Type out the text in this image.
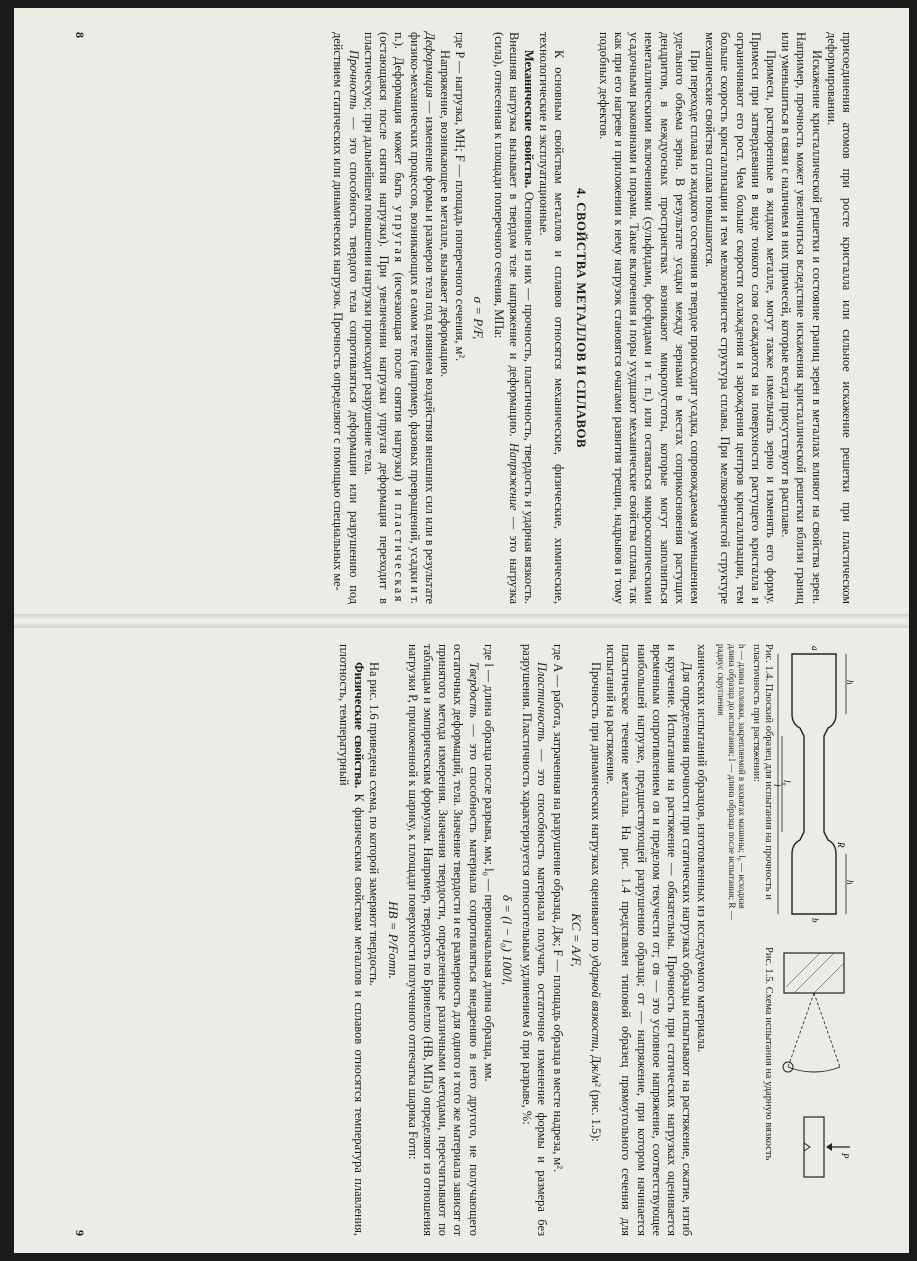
присоединения атомов при росте кристалла или сильное искажение решетки при пластическом деформировании.

Искажение кристаллической решетки и состояние границ зерен в металлах влияют на свойства зерен. Например, прочность может увеличиться вследствие искажения кристаллической решетки вблизи границ или уменьшиться в связи с наличием в них примесей, которые всегда присутствуют в расплаве.

Примеси, растворенные в жидком металле, могут также измельчать зерно и изменять его форму. Примеси при затвердевании в виде тонкого слоя осаждаются на поверхности растущего кристалла и ограничивают его рост. Чем больше скорости охлаждения и зарождения центров кристаллизации, тем больше скорость кристаллизации и тем мелкозернистее структура сплава. При мелкозернистой структуре механические свойства сплава повышаются.

При переходе сплава из жидкого состояния в твердое происходит усадка, сопровождаемая уменьшением удельного объема зерна. В результате усадки между зернами в местах соприкосновения растущих дендритов, в междуосных пространствах возникают микропустоты, которые могут заполниться неметаллическими включениями (сульфидами, фосфидами и т. п.) или оставаться микроскопическими усадочными раковинами и порами. Такие включения и поры ухудшают механические свойства сплава, так как при его нагреве и приложении к нему нагрузок становятся очагами развития трещин, надрывов и тому подобных дефектов.

4. СВОЙСТВА МЕТАЛЛОВ И СПЛАВОВ

К основным свойствам металлов и сплавов относятся механические, физические, химические, технологические и эксплуатационные.

Механические свойства. Основные из них — прочность, пластичность, твердость и ударная вязкость. Внешняя нагрузка вызывает в твердом теле напряжение и деформацию. Напряжение — это нагрузка (сила), отнесенная к площади поперечного сечения, МПа:

σ = P/F,

где P — нагрузка, МН; F — площадь поперечного сечения, м².

Напряжение, возникающее в металле, вызывает деформацию.

Деформация — изменение формы и размеров тела под влиянием воздействия внешних сил или в результате физико-механических процессов, возникающих в самом теле (например, фазовых превращений, усадки и т. п.). Деформация может быть упругая (исчезающая после снятия нагрузки) и пластическая (остающаяся после снятия нагрузки). При увеличении нагрузки упругая деформация переходит в пластическую; при дальнейшем повышении нагрузки происходит разрушение тела.

Прочность — это способность твердого тела сопротивляться деформации или разрушению под действием статических или динамических нагрузок. Прочность определяют с помощью специальных ме-

8
h
h
l₀
l
a
b
R

Рис. 1.4. Плоский образец для испытания на прочность и пластичность при растяжении:
h — длина головки, закрепляемой в захватах машины; l₀ — исходная длина образца до испытания; l — длина образца после испытания; R — радиус скругления

P

Рис. 1.5. Схема испытания на ударную вязкость

ханических испытаний образцов, изготовленных из исследуемого материала.

Для определения прочности при статических нагрузках образцы испытывают на растяжение, сжатие, изгиб и кручение. Испытания на растяжение — обязательны. Прочность при статических нагрузках оценивается временным сопротивлением σв и пределом текучести σт; σв — это условное напряжение, соответствующее наибольшей нагрузке, предшествующей разрушению образца; σт — напряжение, при котором начинается пластическое течение металла. На рис. 1.4 представлен типовой образец прямоугольного сечения для испытаний на растяжение.

Прочность при динамических нагрузках оценивают по ударной вязкости, Дж/м² (рис. 1.5):

KC = A/F,

где A — работа, затраченная на разрушение образца, Дж; F — площадь образца в месте надреза, м².

Пластичность — это способность материала получать остаточное изменение формы и размера без разрушения. Пластичность характеризуется относительным удлинением δ при разрыве, %:

δ = (l − l₀) 100/l,

где l — длина образца после разрыва, мм; l₀ — первоначальная длина образца, мм.

Твердость — это способность материала сопротивляться внедрению в него другого, не получающего остаточных деформаций, тела. Значение твердости и ее размерность для одного и того же материала зависят от принятого метода измерения. Значения твердости, определенные различными методами, пересчитывают по таблицам и эмпирическим формулам. Например, твердость по Бринеллю (HB, МПа) определяют из отношения нагрузки P, приложенной к шарику, к площади поверхности полученного отпечатка шарика Fотп:

HB = P/Fотп.

На рис. 1.6 приведена схема, по которой замеряют твердость.

Физические свойства. К физическим свойствам металлов и сплавов относятся температура плавления, плотность, температурный

9
